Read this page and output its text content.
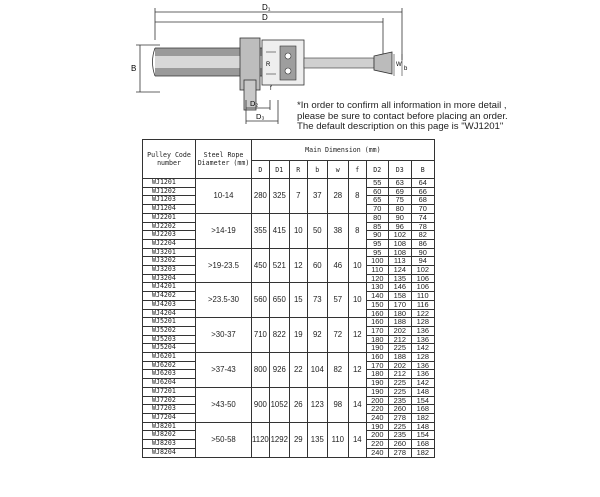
D₁
D
B	R
f
W
b
D₂
D₃
*In order to confirm all information in more detail ,
please be sure to contact before placing an order.
The default description on this page is "WJ1201"
Pulley Code number	Steel Rope Diameter (mm)	Main Dimension (mm)								
		D	D1	R	b	w	f	D2	D3	B
WJ1201	10-14	280	325	7	37	28	8	55	63	64
WJ1202								60	69	66
WJ1203								65	75	68
WJ1204								70	80	70
WJ2201	>14-19	355	415	10	50	38	8	80	90	74
WJ2202								85	96	78
WJ2203								90	102	82
WJ2204								95	108	86
WJ3201	>19-23.5	450	521	12	60	46	10	95	108	90
WJ3202								100	113	94
WJ3203								110	124	102
WJ3204								120	135	106
WJ4201	>23.5-30	560	650	15	73	57	10	130	146	106
WJ4202								140	158	110
WJ4203								150	170	116
WJ4204								160	180	122
WJ5201	>30-37	710	822	19	92	72	12	160	188	128
WJ5202								170	202	136
WJ5203								180	212	136
WJ5204								190	225	142
WJ6201	>37-43	800	926	22	104	82	12	160	188	128
WJ6202								170	202	136
WJ6203								180	212	136
WJ6204								190	225	142
WJ7201	>43-50	900	1052	26	123	98	14	190	225	148
WJ7202								200	235	154
WJ7203								220	260	168
WJ7204								240	278	182
WJ8201	>50-58	1120	1292	29	135	110	14	190	225	148
WJ8202								200	235	154
WJ8203								220	260	168
WJ8204								240	278	182
